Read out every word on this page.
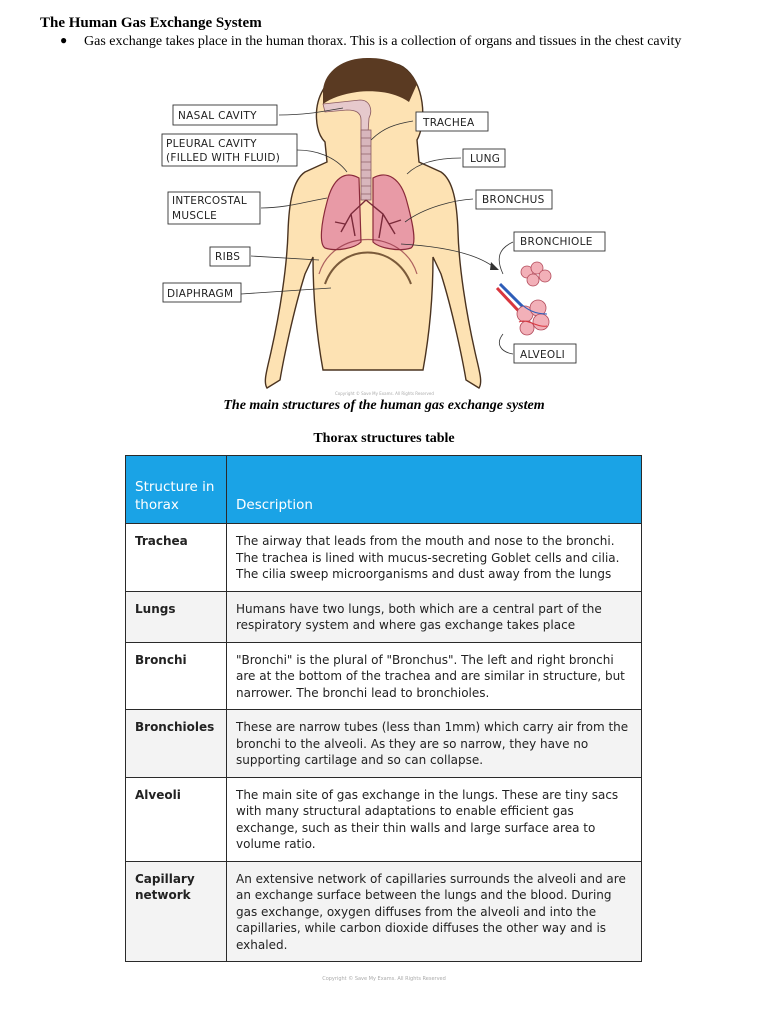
The Human Gas Exchange System
● Gas exchange takes place in the human thorax. This is a collection of organs and tissues in the chest cavity
NASAL CAVITY
PLEURAL CAVITY
(FILLED WITH FLUID)
INTERCOSTAL
MUSCLE
RIBS
DIAPHRAGM
TRACHEA
LUNG
BRONCHUS
BRONCHIOLE
ALVEOLI
Copyright © Save My Exams. All Rights Reserved
The main structures of the human gas exchange system
Thorax structures table
Structure in thorax	Description
Trachea	The airway that leads from the mouth and nose to the bronchi. The trachea is lined with mucus-secreting Goblet cells and cilia. The cilia sweep microorganisms and dust away from the lungs
Lungs	Humans have two lungs, both which are a central part of the respiratory system and where gas exchange takes place
Bronchi	"Bronchi" is the plural of "Bronchus". The left and right bronchi are at the bottom of the trachea and are similar in structure, but narrower. The bronchi lead to bronchioles.
Bronchioles	These are narrow tubes (less than 1mm) which carry air from the bronchi to the alveoli. As they are so narrow, they have no supporting cartilage and so can collapse.
Alveoli	The main site of gas exchange in the lungs. These are tiny sacs with many structural adaptations to enable efficient gas exchange, such as their thin walls and large surface area to volume ratio.
Capillary network	An extensive network of capillaries surrounds the alveoli and are an exchange surface between the lungs and the blood. During gas exchange, oxygen diffuses from the alveoli and into the capillaries, while carbon dioxide diffuses the other way and is exhaled.
Copyright © Save My Exams. All Rights Reserved
